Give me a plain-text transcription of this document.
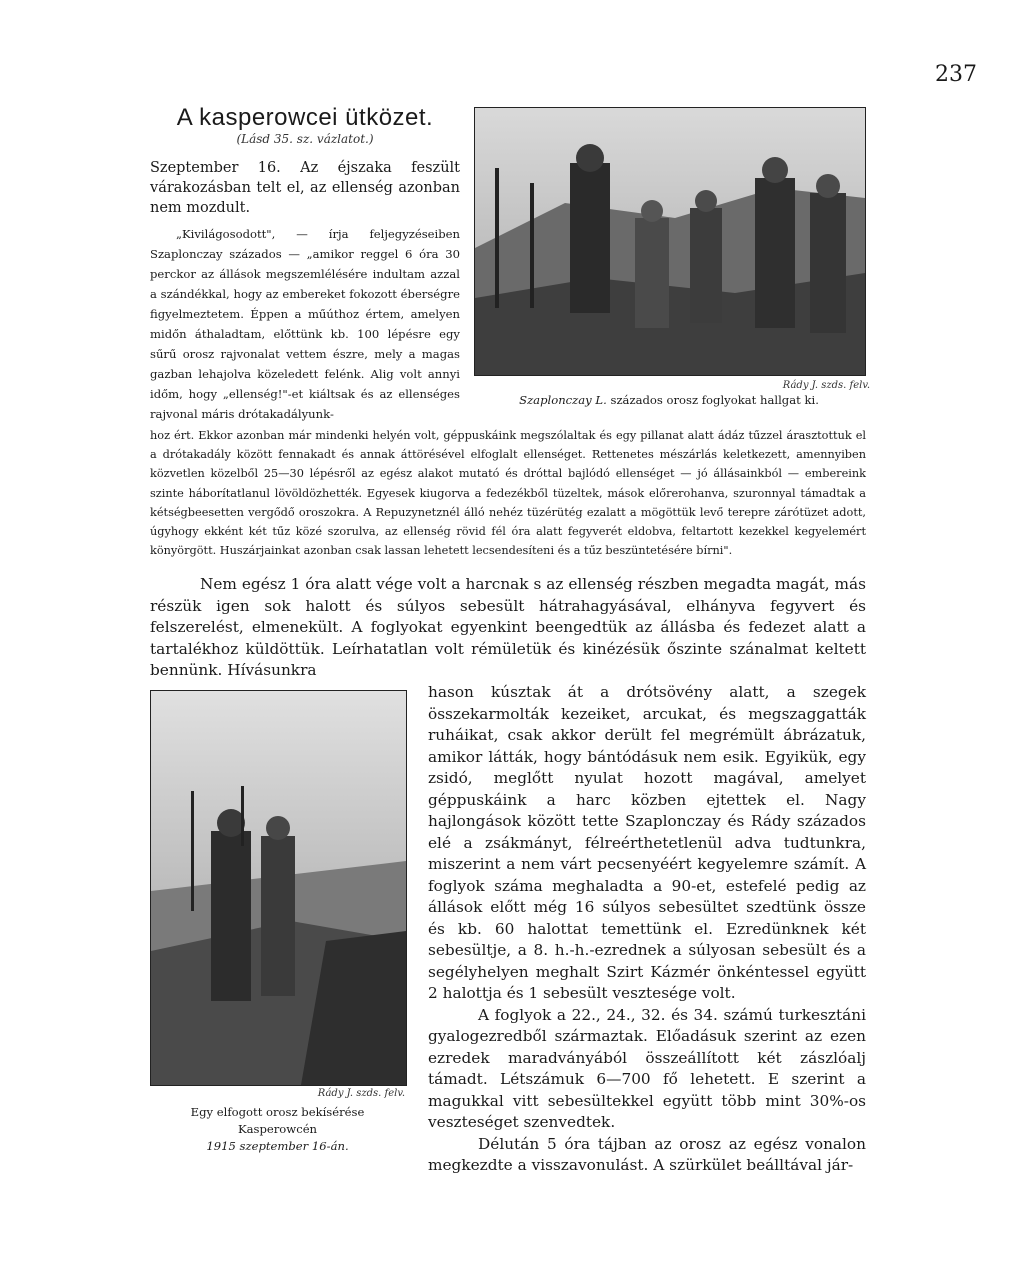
237
A kasperowcei ütközet.
(Lásd 35. sz. vázlatot.)

Szeptember 16. Az éjszaka feszült várakozásban telt el, az ellenség azonban nem mozdult.

„Kivilágosodott", — írja feljegyzéseiben Szaplonczay százados — „amikor reggel 6 óra 30 perckor az állások megszemlélésére indultam azzal a szándékkal, hogy az embereket fokozott éberségre figyelmeztetem. Éppen a műúthoz értem, amelyen midőn áthaladtam, előttünk kb. 100 lépésre egy sűrű orosz rajvonalat vettem észre, mely a magas gazban lehajolva közeledett felénk. Alig volt annyi időm, hogy „ellenség!"-et kiáltsak és az ellenséges rajvonal máris drótakadályunk-

Rády J. szds. felv.
Szaplonczay L. százados orosz foglyokat hallgat ki.

hoz ért. Ekkor azonban már mindenki helyén volt, géppuskáink megszólaltak és egy pillanat alatt ádáz tűzzel árasztottuk el a drótakadály között fennakadt és annak áttörésével elfoglalt ellenséget. Rettenetes mészárlás keletkezett, amennyiben közvetlen közelből 25—30 lépésről az egész alakot mutató és dróttal bajlódó ellenséget — jó állásainkból — embereink szinte háborítatlanul lövöldözhették. Egyesek kiugorva a fedezékből tüzeltek, mások előrerohanva, szuronnyal támadtak a kétségbeesetten vergődő oroszokra. A Repuzynetznél álló nehéz tüzérütég ezalatt a mögöttük levő terepre zárótüzet adott, úgyhogy ekként két tűz közé szorulva, az ellenség rövid fél óra alatt fegyverét eldobva, feltartott kezekkel kegyelemért könyörgött. Huszárjainkat azonban csak lassan lehetett lecsendesíteni és a tűz beszüntetésére bírni".

Nem egész 1 óra alatt vége volt a harcnak s az ellenség részben megadta magát, más részük igen sok halott és súlyos sebesült hátrahagyásával, elhányva fegyvert és felszerelést, elmenekült. A foglyokat egyenkint beengedtük az állásba és fedezet alatt a tartalékhoz küldöttük. Leírhatatlan volt rémületük és kinézésük őszinte szánalmat keltett bennünk. Hívásunkra

Rády J. szds. felv.
Egy elfogott orosz bekísérése Kasperowcén
1915 szeptember 16-án.

hason kúsztak át a drótsövény alatt, a szegek összekarmolták kezeiket, arcukat, és megszaggatták ruháikat, csak akkor derült fel megrémült ábrázatuk, amikor látták, hogy bántódásuk nem esik. Egyikük, egy zsidó, meglőtt nyulat hozott magával, amelyet géppuskáink a harc közben ejtettek el. Nagy hajlongások között tette Szaplonczay és Rády százados elé a zsákmányt, félreérthetetlenül adva tudtunkra, miszerint a nem várt pecsenyéért kegyelemre számít. A foglyok száma meghaladta a 90-et, estefelé pedig az állások előtt még 16 súlyos sebesültet szedtünk össze és kb. 60 halottat temettünk el. Ezredünknek két sebesültje, a 8. h.-h.-ezrednek a súlyosan sebesült és a segélyhelyen meghalt Szirt Kázmér önkéntessel együtt 2 halottja és 1 sebesült vesztesége volt.

A foglyok a 22., 24., 32. és 34. számú turkesztáni gyalogezredből származtak. Előadásuk szerint az ezen ezredek maradványából összeállított két zászlóalj támadt. Létszámuk 6—700 fő lehetett. E szerint a magukkal vitt sebesültekkel együtt több mint 30%-os veszteséget szenvedtek.

Délután 5 óra tájban az orosz az egész vonalon megkezdte a visszavonulást. A szürkület beálltával jár-
